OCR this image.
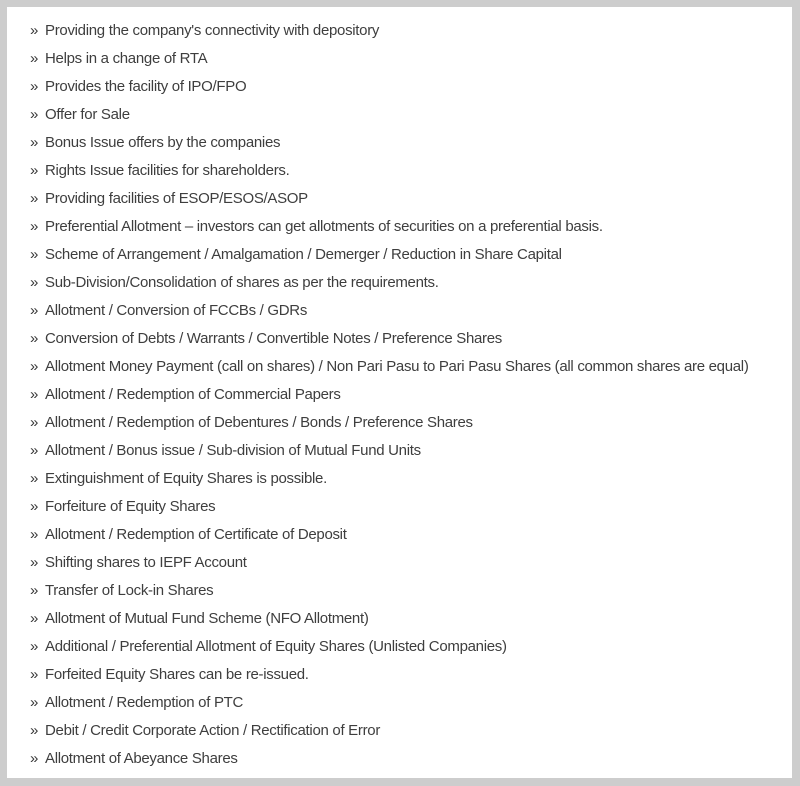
» Providing the company's connectivity with depository
» Helps in a change of RTA
» Provides the facility of IPO/FPO
» Offer for Sale
» Bonus Issue offers by the companies
» Rights Issue facilities for shareholders.
» Providing facilities of ESOP/ESOS/ASOP
» Preferential Allotment – investors can get allotments of securities on a preferential basis.
» Scheme of Arrangement / Amalgamation / Demerger / Reduction in Share Capital
» Sub-Division/Consolidation of shares as per the requirements.
» Allotment / Conversion of FCCBs / GDRs
» Conversion of Debts / Warrants / Convertible Notes / Preference Shares
» Allotment Money Payment (call on shares) / Non Pari Pasu to Pari Pasu Shares (all common shares are equal)
» Allotment / Redemption of Commercial Papers
» Allotment / Redemption of Debentures / Bonds / Preference Shares
» Allotment / Bonus issue / Sub-division of Mutual Fund Units
» Extinguishment of Equity Shares is possible.
» Forfeiture of Equity Shares
» Allotment / Redemption of Certificate of Deposit
» Shifting shares to IEPF Account
» Transfer of Lock-in Shares
» Allotment of Mutual Fund Scheme (NFO Allotment)
» Additional / Preferential Allotment of Equity Shares (Unlisted Companies)
» Forfeited Equity Shares can be re-issued.
» Allotment / Redemption of PTC
» Debit / Credit Corporate Action / Rectification of Error
» Allotment of Abeyance Shares
